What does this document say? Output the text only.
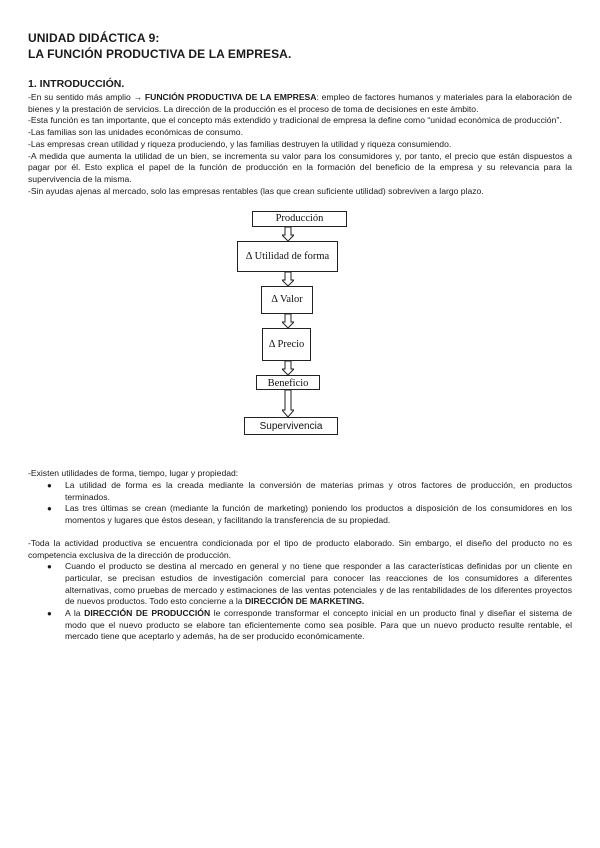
UNIDAD DIDÁCTICA 9:
LA FUNCIÓN PRODUCTIVA DE LA EMPRESA.
1. INTRODUCCIÓN.

-En su sentido más amplio → FUNCIÓN PRODUCTIVA DE LA EMPRESA: empleo de factores humanos y materiales para la elaboración de bienes y la prestación de servicios. La dirección de la producción es el proceso de toma de decisiones en este ámbito.

-Esta función es tan importante, que el concepto más extendido y tradicional de empresa la define como “unidad económica de producción”.

-Las familias son las unidades económicas de consumo.

-Las empresas crean utilidad y riqueza produciendo, y las familias destruyen la utilidad y riqueza consumiendo.

-A medida que aumenta la utilidad de un bien, se incrementa su valor para los consumidores y, por tanto, el precio que están dispuestos a pagar por él. Esto explica el papel de la función de producción en la formación del beneficio de la empresa y su relevancia para la supervivencia de la misma.

-Sin ayudas ajenas al mercado, solo las empresas rentables (las que crean suficiente utilidad) sobreviven a largo plazo.

Producción
Δ Utilidad de forma
Δ Valor
Δ Precio
Beneficio
Supervivencia

-Existen utilidades de forma, tiempo, lugar y propiedad:

● La utilidad de forma es la creada mediante la conversión de materias primas y otros factores de producción, en productos terminados.
● Las tres últimas se crean (mediante la función de marketing) poniendo los productos a disposición de los consumidores en los momentos y lugares que éstos desean, y facilitando la transferencia de su propiedad.

-Toda la actividad productiva se encuentra condicionada por el tipo de producto elaborado. Sin embargo, el diseño del producto no es competencia exclusiva de la dirección de producción.

● Cuando el producto se destina al mercado en general y no tiene que responder a las características definidas por un cliente en particular, se precisan estudios de investigación comercial para conocer las reacciones de los consumidores a diferentes alternativas, como pruebas de mercado y estimaciones de las ventas potenciales y de las rentabilidades de los diferentes proyectos de nuevos productos. Todo esto concierne a la DIRECCIÓN DE MARKETING.
● A la DIRECCIÓN DE PRODUCCIÓN le corresponde transformar el concepto inicial en un producto final y diseñar el sistema de modo que el nuevo producto se elabore tan eficientemente como sea posible. Para que un nuevo producto resulte rentable, el mercado tiene que aceptarlo y además, ha de ser producido económicamente.
